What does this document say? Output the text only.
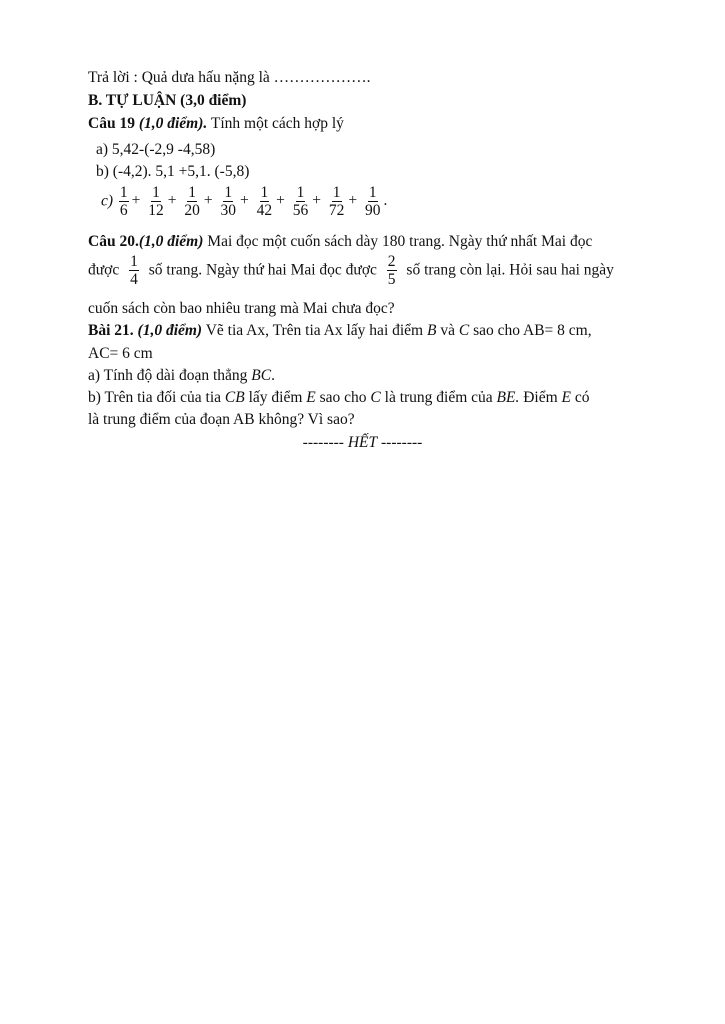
Trả lời : Quả dưa hấu nặng là ……………….
B. TỰ LUẬN (3,0 điểm)
Câu 19 (1,0 điểm). Tính một cách hợp lý
a) 5,42-(-2,9 -4,58)
b) (-4,2). 5,1 +5,1. (-5,8)
$c) \frac{1}{6} + \frac{1}{12} + \frac{1}{20} + \frac{1}{30} + \frac{1}{42} + \frac{1}{56} + \frac{1}{72} + \frac{1}{90}$ .
Câu 20.(1,0 điểm) Mai đọc một cuốn sách dày 180 trang. Ngày thứ nhất Mai đọc
được $\frac{1}{4}$ số trang. Ngày thứ hai Mai đọc được $\frac{2}{5}$ số trang còn lại. Hỏi sau hai ngày
cuốn sách còn bao nhiêu trang mà Mai chưa đọc?
Bài 21. (1,0 điểm) Vẽ tia Ax, Trên tia Ax lấy hai điểm B và C sao cho AB= 8 cm,
AC= 6 cm
a) Tính độ dài đoạn thẳng BC.
b) Trên tia đối của tia CB lấy điểm E sao cho C là trung điểm của BE. Điểm E có
là trung điểm của đoạn AB không? Vì sao?
-------- HẾT --------
